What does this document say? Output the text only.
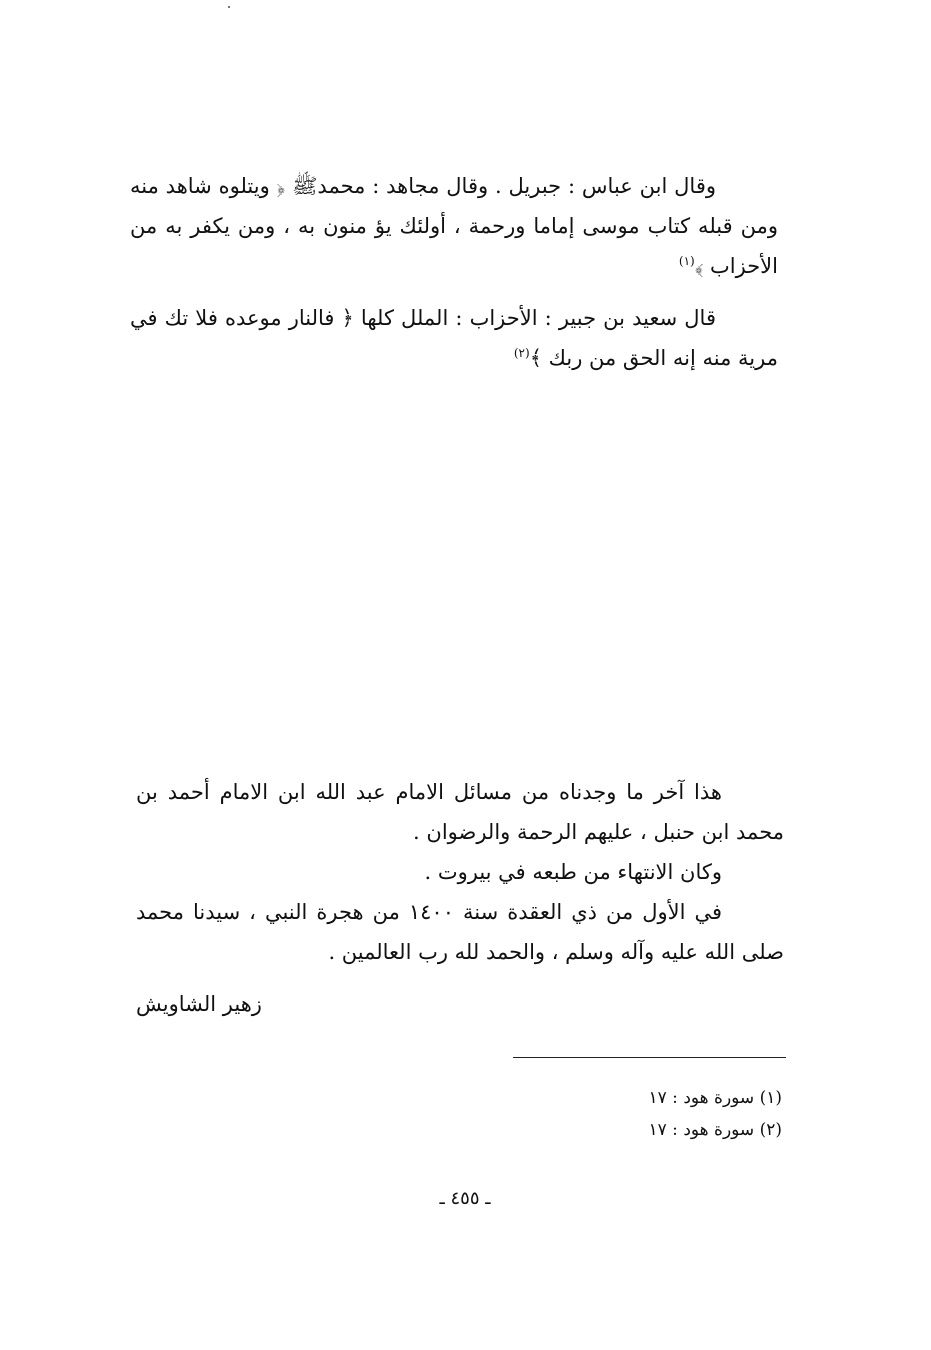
وقال ابن عباس : جبريل . وقال مجاهد : محمدﷺ ﴿ ويتلوه شاهد منه ومن قبله كتاب موسى إماما ورحمة ، أولئك يؤ منون به ، ومن يكفر به من الأحزاب ﴾$^{(١)}$

قال سعيد بن جبير : الأحزاب : الملل كلها ﴿ فالنار موعده فلا تك في مرية منه إنه الحق من ربك ﴾$^{(٢)}$

هذا آخر ما وجدناه من مسائل الامام عبد الله ابن الامام أحمد بن محمد ابن حنبل ، عليهم الرحمة والرضوان .

وكان الانتهاء من طبعه في بيروت .

في الأول من ذي العقدة سنة ١٤٠٠ من هجرة النبي ، سيدنا محمد صلى الله عليه وآله وسلم ، والحمد لله رب العالمين .

زهير الشاويش

(١) سورة هود : ١٧

(٢) سورة هود : ١٧

ـ ٤٥٥ ـ
